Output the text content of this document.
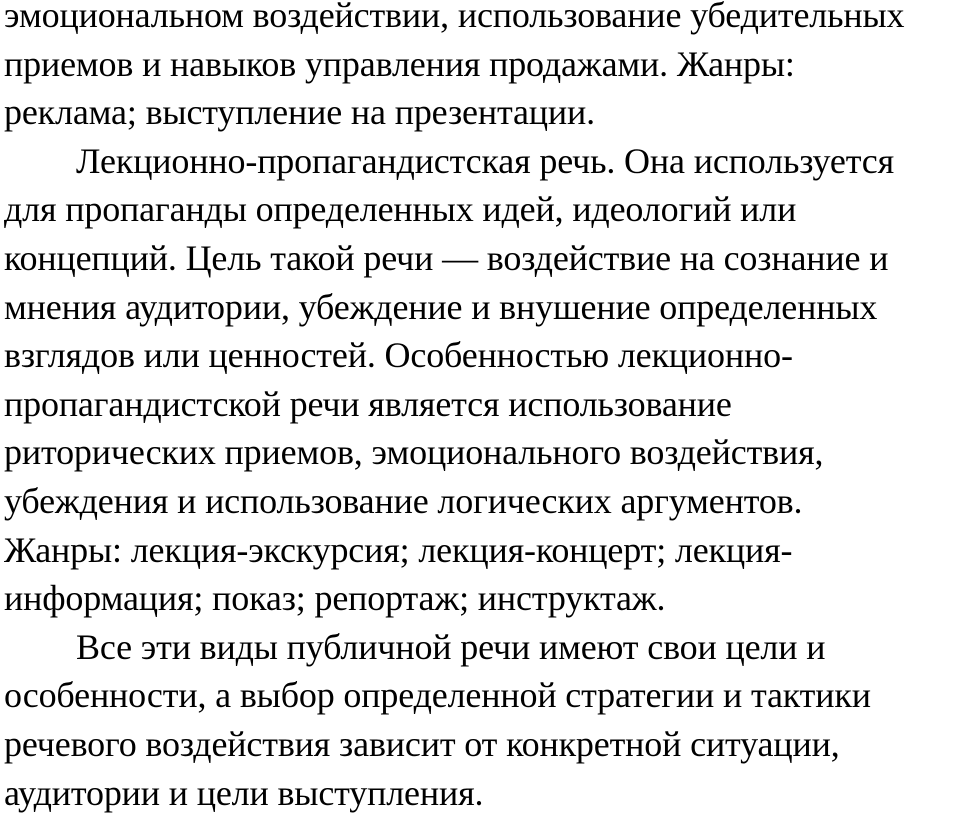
эмоциональном воздействии, использование убедительных
приемов и навыков управления продажами. Жанры:
реклама; выступление на презентации.
Лекционно-пропагандистская речь. Она используется
для пропаганды определенных идей, идеологий или
концепций. Цель такой речи — воздействие на сознание и
мнения аудитории, убеждение и внушение определенных
взглядов или ценностей. Особенностью лекционно-
пропагандистской речи является использование
риторических приемов, эмоционального воздействия,
убеждения и использование логических аргументов.
Жанры: лекция-экскурсия; лекция-концерт; лекция-
информация; показ; репортаж; инструктаж.
Все эти виды публичной речи имеют свои цели и
особенности, а выбор определенной стратегии и тактики
речевого воздействия зависит от конкретной ситуации,
аудитории и цели выступления.
